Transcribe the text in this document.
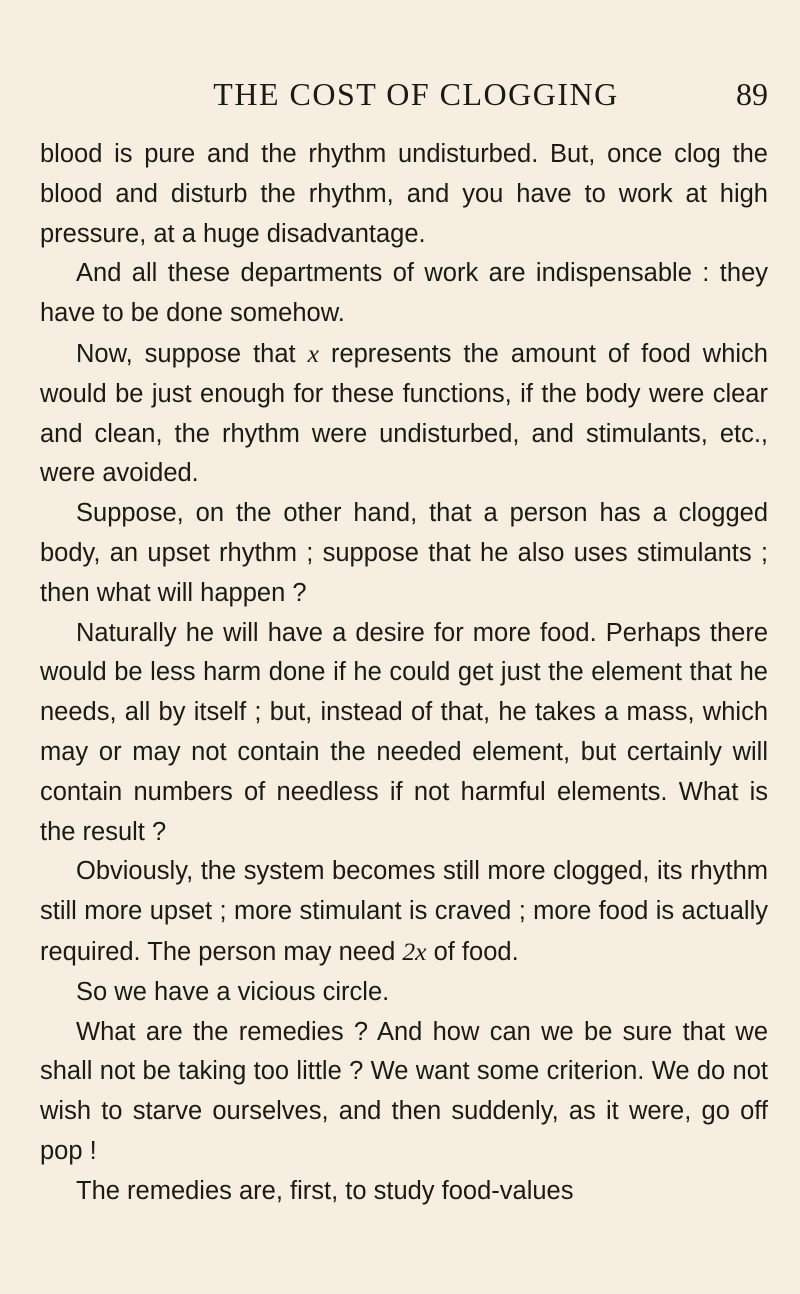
THE COST OF CLOGGING	89

blood is pure and the rhythm undisturbed. But, once clog the blood and disturb the rhythm, and you have to work at high pressure, at a huge disadvantage.

And all these departments of work are indispensable : they have to be done somehow.

Now, suppose that x represents the amount of food which would be just enough for these functions, if the body were clear and clean, the rhythm were undisturbed, and stimulants, etc., were avoided.

Suppose, on the other hand, that a person has a clogged body, an upset rhythm ; suppose that he also uses stimulants ; then what will happen ?

Naturally he will have a desire for more food. Perhaps there would be less harm done if he could get just the element that he needs, all by itself ; but, instead of that, he takes a mass, which may or may not contain the needed element, but certainly will contain numbers of needless if not harmful elements. What is the result ?

Obviously, the system becomes still more clogged, its rhythm still more upset ; more stimulant is craved ; more food is actually required. The person may need 2x of food.

So we have a vicious circle.

What are the remedies ? And how can we be sure that we shall not be taking too little ? We want some criterion. We do not wish to starve ourselves, and then suddenly, as it were, go off pop !

The remedies are, first, to study food-values
